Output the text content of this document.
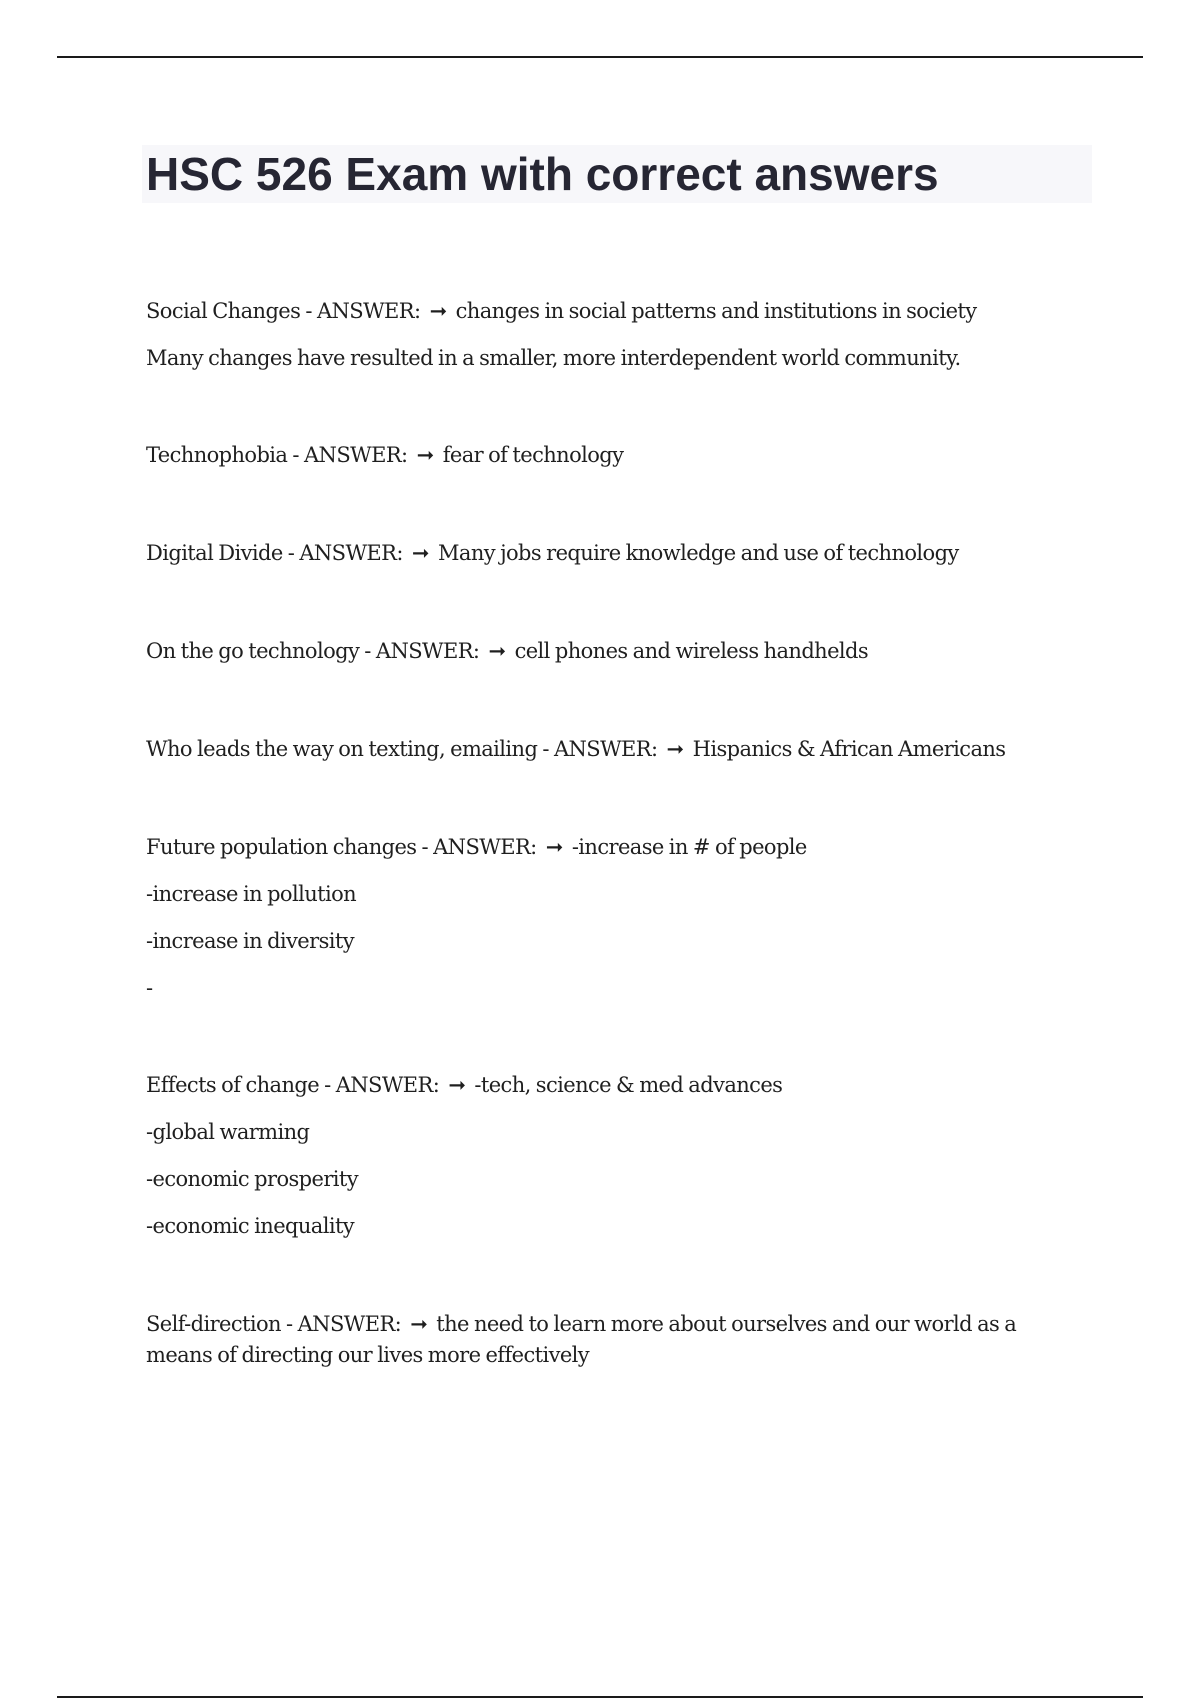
HSC 526 Exam with correct answers
Social Changes - ANSWER: ➞ changes in social patterns and institutions in society
Many changes have resulted in a smaller, more interdependent world community.
Technophobia - ANSWER: ➞ fear of technology
Digital Divide - ANSWER: ➞ Many jobs require knowledge and use of technology
On the go technology - ANSWER: ➞ cell phones and wireless handhelds
Who leads the way on texting, emailing - ANSWER: ➞ Hispanics & African Americans
Future population changes - ANSWER: ➞ -increase in # of people
-increase in pollution
-increase in diversity
-
Effects of change - ANSWER: ➞ -tech, science & med advances
-global warming
-economic prosperity
-economic inequality
Self-direction - ANSWER: ➞ the need to learn more about ourselves and our world as a means of directing our lives more effectively
